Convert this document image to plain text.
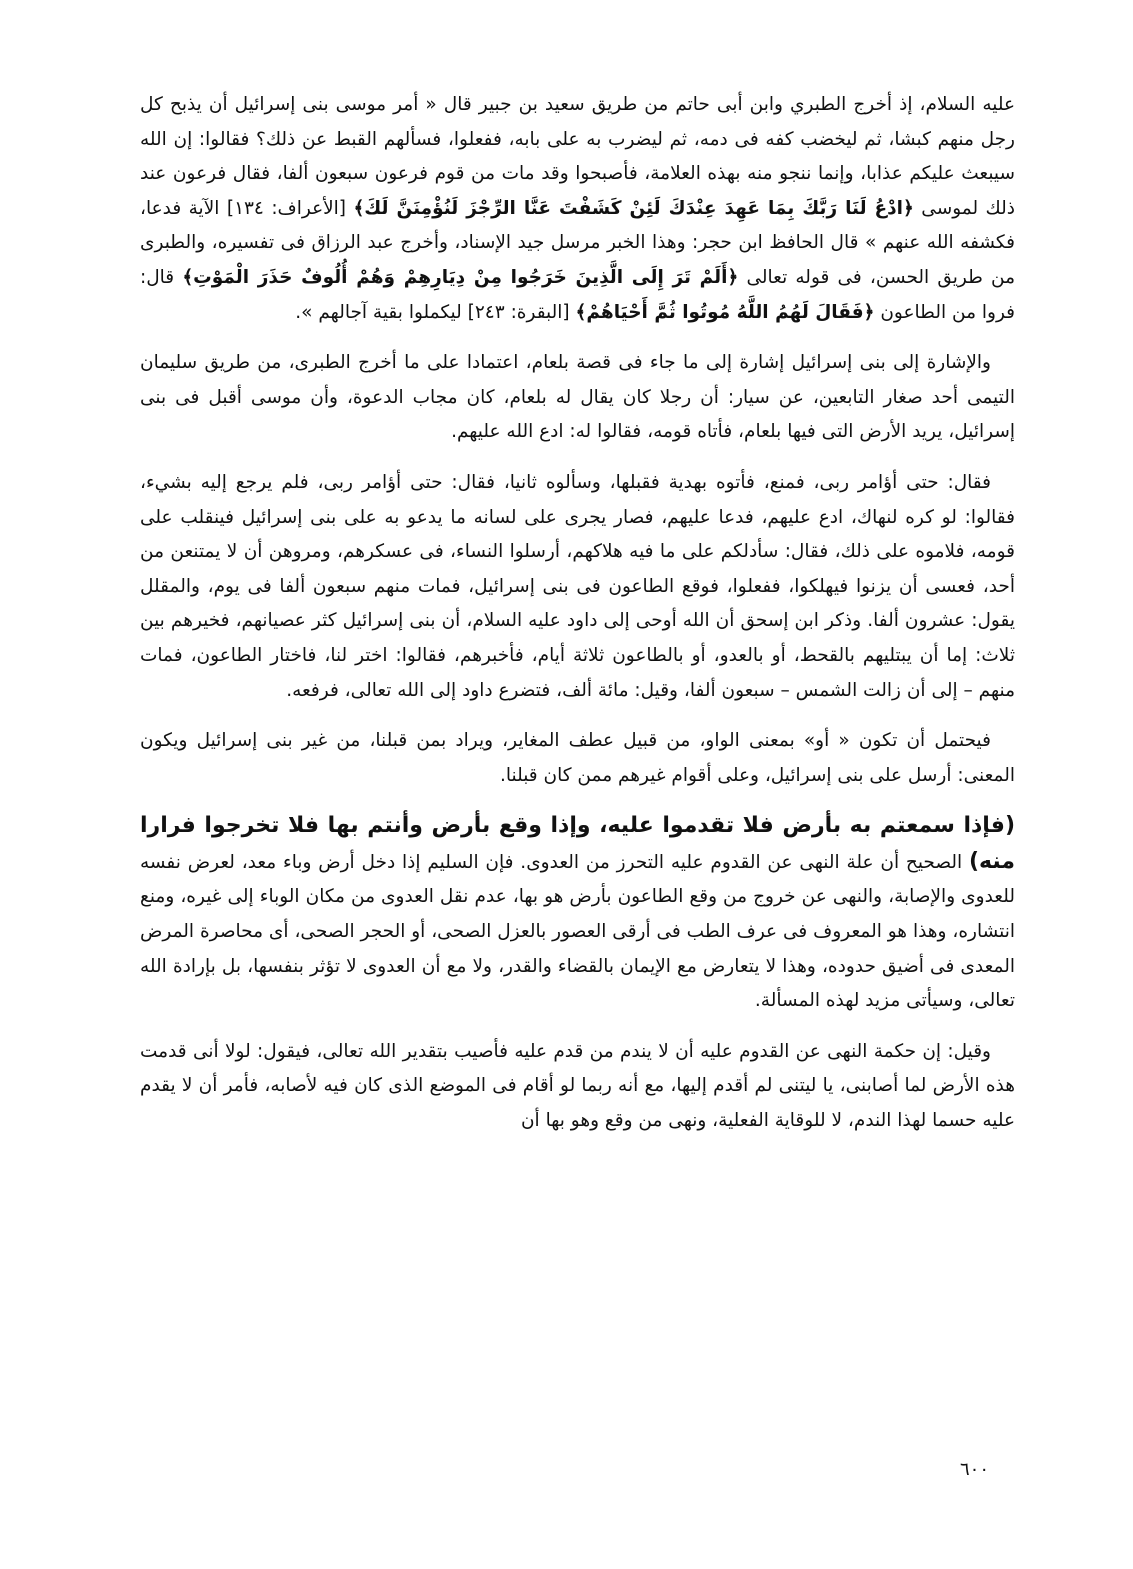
عليه السلام، إذ أخرج الطبري وابن أبى حاتم من طريق سعيد بن جبير قال « أمر موسى بنى إسرائيل أن يذبح كل رجل منهم كبشا، ثم ليخضب كفه فى دمه، ثم ليضرب به على بابه، ففعلوا، فسألهم القبط عن ذلك؟ فقالوا: إن الله سيبعث عليكم عذابا، وإنما ننجو منه بهذه العلامة، فأصبحوا وقد مات من قوم فرعون سبعون ألفا، فقال فرعون عند ذلك لموسى ﴿ادْعُ لَنَا رَبَّكَ بِمَا عَهِدَ عِنْدَكَ لَئِنْ كَشَفْتَ عَنَّا الرِّجْزَ لَنُؤْمِنَنَّ لَكَ﴾ [الأعراف: ١٣٤] الآية فدعا، فكشفه الله عنهم » قال الحافظ ابن حجر: وهذا الخبر مرسل جيد الإسناد، وأخرج عبد الرزاق فى تفسيره، والطبرى من طريق الحسن، فى قوله تعالى ﴿أَلَمْ تَرَ إِلَى الَّذِينَ خَرَجُوا مِنْ دِيَارِهِمْ وَهُمْ أُلُوفٌ حَذَرَ الْمَوْتِ﴾ قال: فروا من الطاعون ﴿فَقَالَ لَهُمُ اللَّهُ مُوتُوا ثُمَّ أَحْيَاهُمْ﴾ [البقرة: ٢٤٣] ليكملوا بقية آجالهم ».

والإشارة إلى بنى إسرائيل إشارة إلى ما جاء فى قصة بلعام، اعتمادا على ما أخرج الطبرى، من طريق سليمان التيمى أحد صغار التابعين، عن سيار: أن رجلا كان يقال له بلعام، كان مجاب الدعوة، وأن موسى أقبل فى بنى إسرائيل، يريد الأرض التى فيها بلعام، فأتاه قومه، فقالوا له: ادع الله عليهم.

فقال: حتى أؤامر ربى، فمنع، فأتوه بهدية فقبلها، وسألوه ثانيا، فقال: حتى أؤامر ربى، فلم يرجع إليه بشيء، فقالوا: لو كره لنهاك، ادع عليهم، فدعا عليهم، فصار يجرى على لسانه ما يدعو به على بنى إسرائيل فينقلب على قومه، فلاموه على ذلك، فقال: سأدلكم على ما فيه هلاكهم، أرسلوا النساء، فى عسكرهم، ومروهن أن لا يمتنعن من أحد، فعسى أن يزنوا فيهلكوا، ففعلوا، فوقع الطاعون فى بنى إسرائيل، فمات منهم سبعون ألفا فى يوم، والمقلل يقول: عشرون ألفا. وذكر ابن إسحق أن الله أوحى إلى داود عليه السلام، أن بنى إسرائيل كثر عصيانهم، فخيرهم بين ثلاث: إما أن يبتليهم بالقحط، أو بالعدو، أو بالطاعون ثلاثة أيام، فأخبرهم، فقالوا: اختر لنا، فاختار الطاعون، فمات منهم – إلى أن زالت الشمس – سبعون ألفا، وقيل: مائة ألف، فتضرع داود إلى الله تعالى، فرفعه.

فيحتمل أن تكون « أو» بمعنى الواو، من قبيل عطف المغاير، ويراد بمن قبلنا، من غير بنى إسرائيل ويكون المعنى: أرسل على بنى إسرائيل، وعلى أقوام غيرهم ممن كان قبلنا.

(فإذا سمعتم به بأرض فلا تقدموا عليه، وإذا وقع بأرض وأنتم بها فلا تخرجوا فرارا منه) الصحيح أن علة النهى عن القدوم عليه التحرز من العدوى. فإن السليم إذا دخل أرض وباء معد، لعرض نفسه للعدوى والإصابة، والنهى عن خروج من وقع الطاعون بأرض هو بها، عدم نقل العدوى من مكان الوباء إلى غيره، ومنع انتشاره، وهذا هو المعروف فى عرف الطب فى أرقى العصور بالعزل الصحى، أو الحجر الصحى، أى محاصرة المرض المعدى فى أضيق حدوده، وهذا لا يتعارض مع الإيمان بالقضاء والقدر، ولا مع أن العدوى لا تؤثر بنفسها، بل بإرادة الله تعالى، وسيأتى مزيد لهذه المسألة.

وقيل: إن حكمة النهى عن القدوم عليه أن لا يندم من قدم عليه فأصيب بتقدير الله تعالى، فيقول: لولا أنى قدمت هذه الأرض لما أصابنى، يا ليتنى لم أقدم إليها، مع أنه ربما لو أقام فى الموضع الذى كان فيه لأصابه، فأمر أن لا يقدم عليه حسما لهذا الندم، لا للوقاية الفعلية، ونهى من وقع وهو بها أن

٦٠٠
